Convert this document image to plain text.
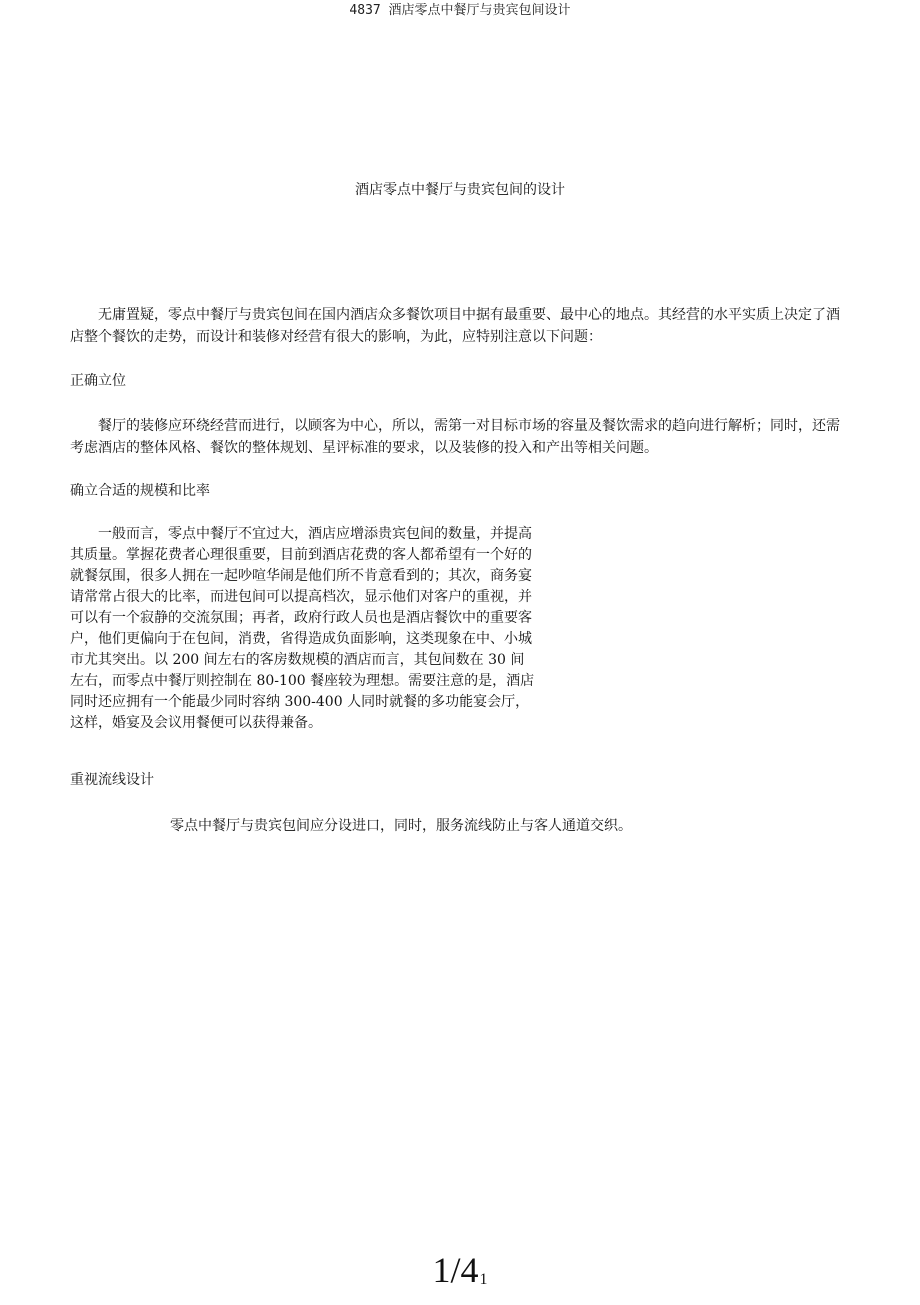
4837 酒店零点中餐厅与贵宾包间设计
酒店零点中餐厅与贵宾包间的设计

无庸置疑，零点中餐厅与贵宾包间在国内酒店众多餐饮项目中据有最重要、最中心的地点。其经营的水平实质上决定了酒店整个餐饮的走势，而设计和装修对经营有很大的影响，为此，应特别注意以下问题：

正确立位

餐厅的装修应环绕经营而进行，以顾客为中心，所以，需第一对目标市场的容量及餐饮需求的趋向进行解析；同时，还需考虑酒店的整体风格、餐饮的整体规划、星评标准的要求，以及装修的投入和产出等相关问题。

确立合适的规模和比率

一般而言，零点中餐厅不宜过大，酒店应增添贵宾包间的数量，并提高其质量。掌握花费者心理很重要，目前到酒店花费的客人都希望有一个好的就餐氛围，很多人拥在一起吵喧华闹是他们所不肯意看到的；其次，商务宴请常常占很大的比率，而进包间可以提高档次，显示他们对客户的重视，并可以有一个寂静的交流氛围；再者，政府行政人员也是酒店餐饮中的重要客户，他们更偏向于在包间，消费，省得造成负面影响，这类现象在中、小城市尤其突出。以 200 间左右的客房数规模的酒店而言，其包间数在 30 间左右，而零点中餐厅则控制在 80-100 餐座较为理想。需要注意的是，酒店同时还应拥有一个能最少同时容纳 300-400 人同时就餐的多功能宴会厅，这样，婚宴及会议用餐便可以获得兼备。

重视流线设计
零点中餐厅与贵宾包间应分设进口，同时，服务流线防止与客人通道交织。
1/41
